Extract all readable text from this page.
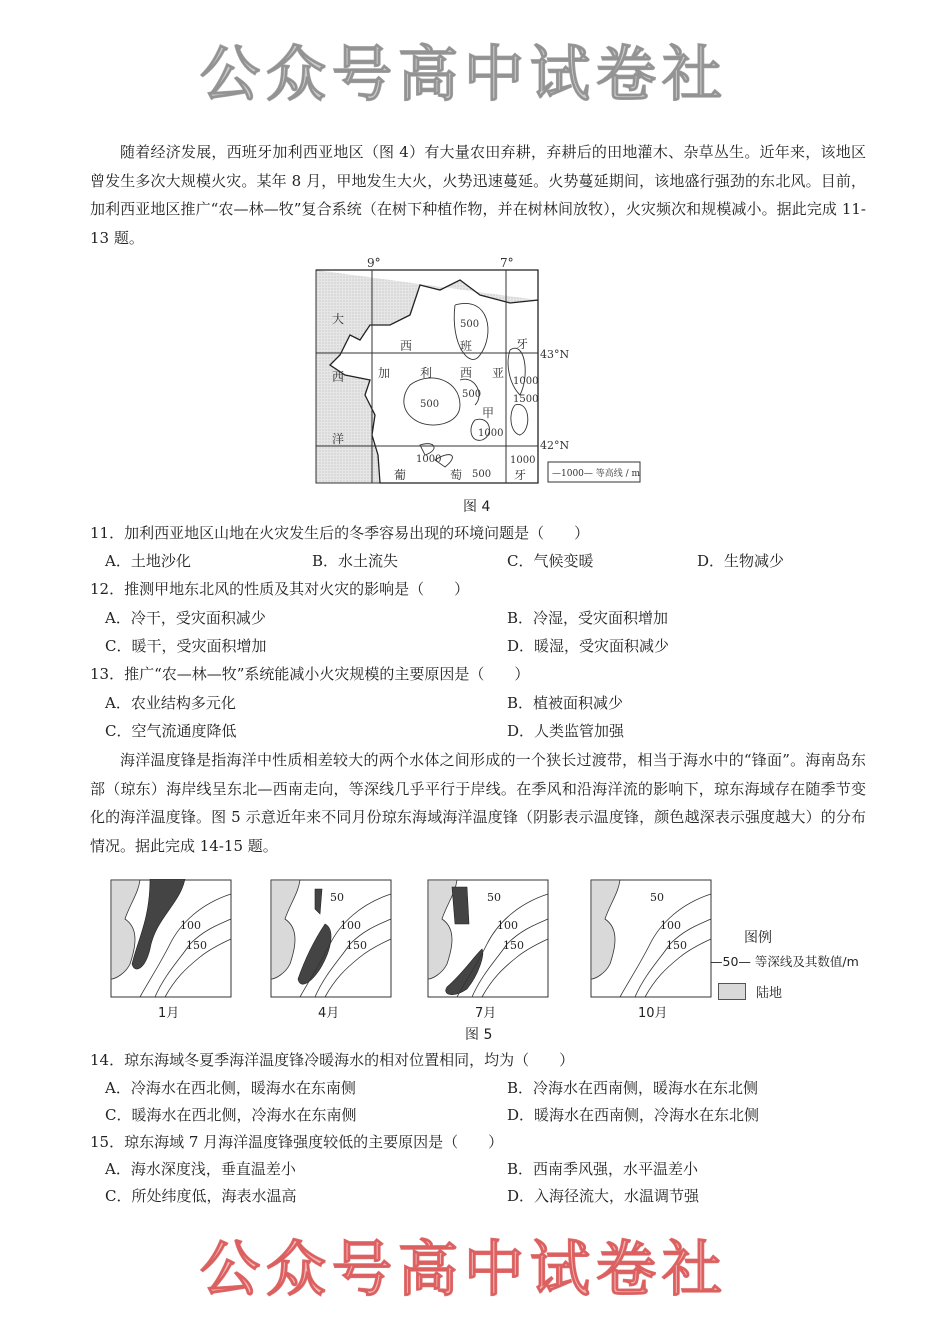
随着经济发展，西班牙加利西亚地区（图 4）有大量农田弃耕，弃耕后的田地灌木、杂草丛生。近年来，该地区曾发生多次大规模火灾。某年 8 月，甲地发生大火，火势迅速蔓延。火势蔓延期间，该地盛行强劲的东北风。目前，加利西亚地区推广“农—林—牧”复合系统（在树下种植作物，并在树林间放牧），火灾频次和规模减小。据此完成 11-13 题。
9°	7°
43°N
42°N
大
西
洋
西	班	牙
加 利 西 亚
葡	萄	牙
甲
500
500
500
1000
1500
1000
1000
1000
500	—1000— 等高线 / m
图 4
11．加利西亚地区山地在火灾发生后的冬季容易出现的环境问题是（　　）
A．土地沙化	B．水土流失	C．气候变暖	D．生物减少
12．推测甲地东北风的性质及其对火灾的影响是（　　）
A．冷干，受灾面积减少	B．冷湿，受灾面积增加
C．暖干，受灾面积增加	D．暖湿，受灾面积减少
13．推广“农—林—牧”系统能减小火灾规模的主要原因是（　　）
A．农业结构多元化	B．植被面积减少
C．空气流通度降低	D．人类监管加强
海洋温度锋是指海洋中性质相差较大的两个水体之间形成的一个狭长过渡带，相当于海水中的“锋面”。海南岛东部（琼东）海岸线呈东北—西南走向，等深线几乎平行于岸线。在季风和沿海洋流的影响下，琼东海域存在随季节变化的海洋温度锋。图 5 示意近年来不同月份琼东海域海洋温度锋（阴影表示温度锋，颜色越深表示强度越大）的分布情况。据此完成 14-15 题。
100
150
1月
50
100
150
4月
50
100
150
7月
50
100
150
10月
图例
—50— 等深线及其数值/m
陆地
图 5
14．琼东海域冬夏季海洋温度锋冷暖海水的相对位置相同，均为（　　）
A．冷海水在西北侧，暖海水在东南侧	B．冷海水在西南侧，暖海水在东北侧
C．暖海水在西北侧，冷海水在东南侧	D．暖海水在西南侧，冷海水在东北侧
15．琼东海域 7 月海洋温度锋强度较低的主要原因是（　　）
A．海水深度浅，垂直温差小	B．西南季风强，水平温差小
C．所处纬度低，海表水温高	D．入海径流大，水温调节强
公众号高中试卷社
公众号高中试卷社
